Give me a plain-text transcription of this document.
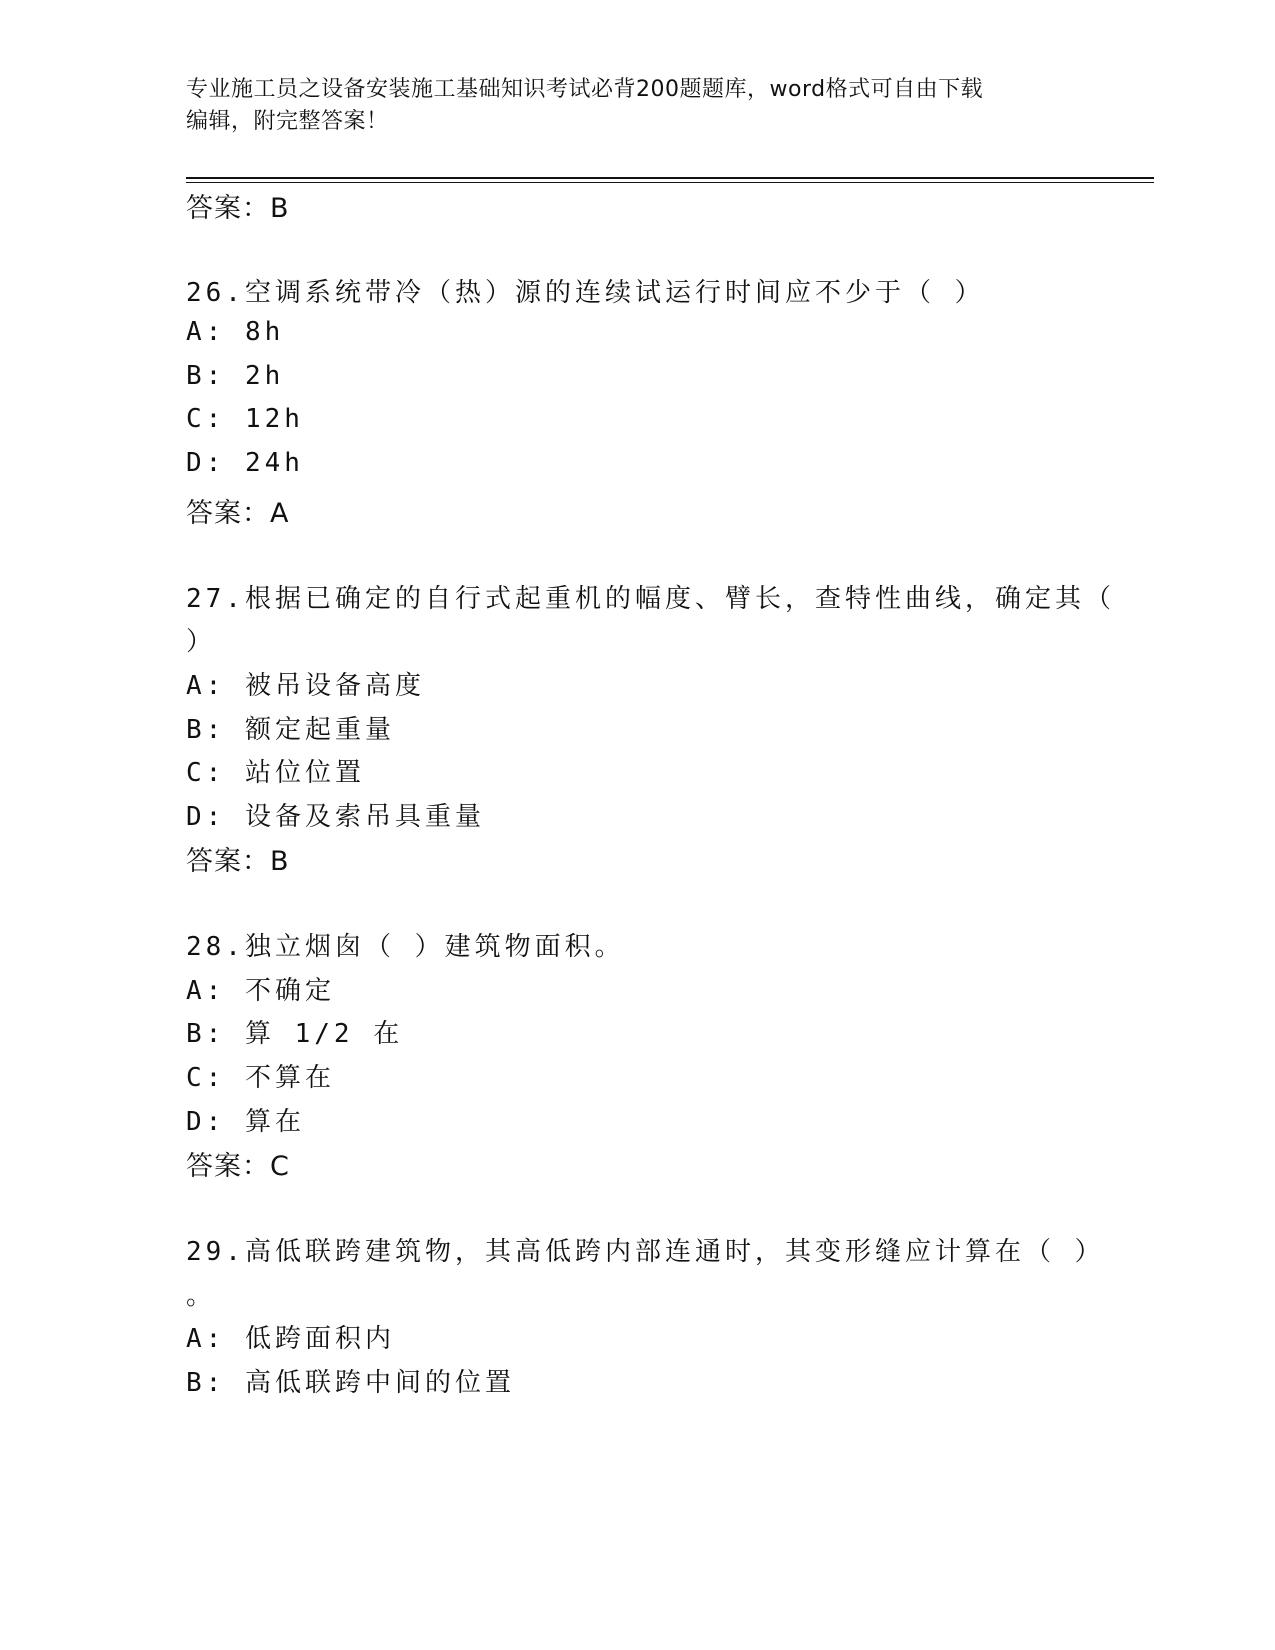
专业施工员之设备安装施工基础知识考试必背200题题库，word格式可自由下载
编辑，附完整答案！
答案：B
26.空调系统带冷（热）源的连续试运行时间应不少于（ ）
A: 8h
B: 2h
C: 12h
D: 24h
答案：A
27.根据已确定的自行式起重机的幅度、臂长，查特性曲线，确定其（
）
A: 被吊设备高度
B: 额定起重量
C: 站位位置
D: 设备及索吊具重量
答案：B
28.独立烟囱（ ）建筑物面积。
A: 不确定
B: 算 1/2 在
C: 不算在
D: 算在
答案：C
29.高低联跨建筑物，其高低跨内部连通时，其变形缝应计算在（ ）
。
A: 低跨面积内
B: 高低联跨中间的位置
